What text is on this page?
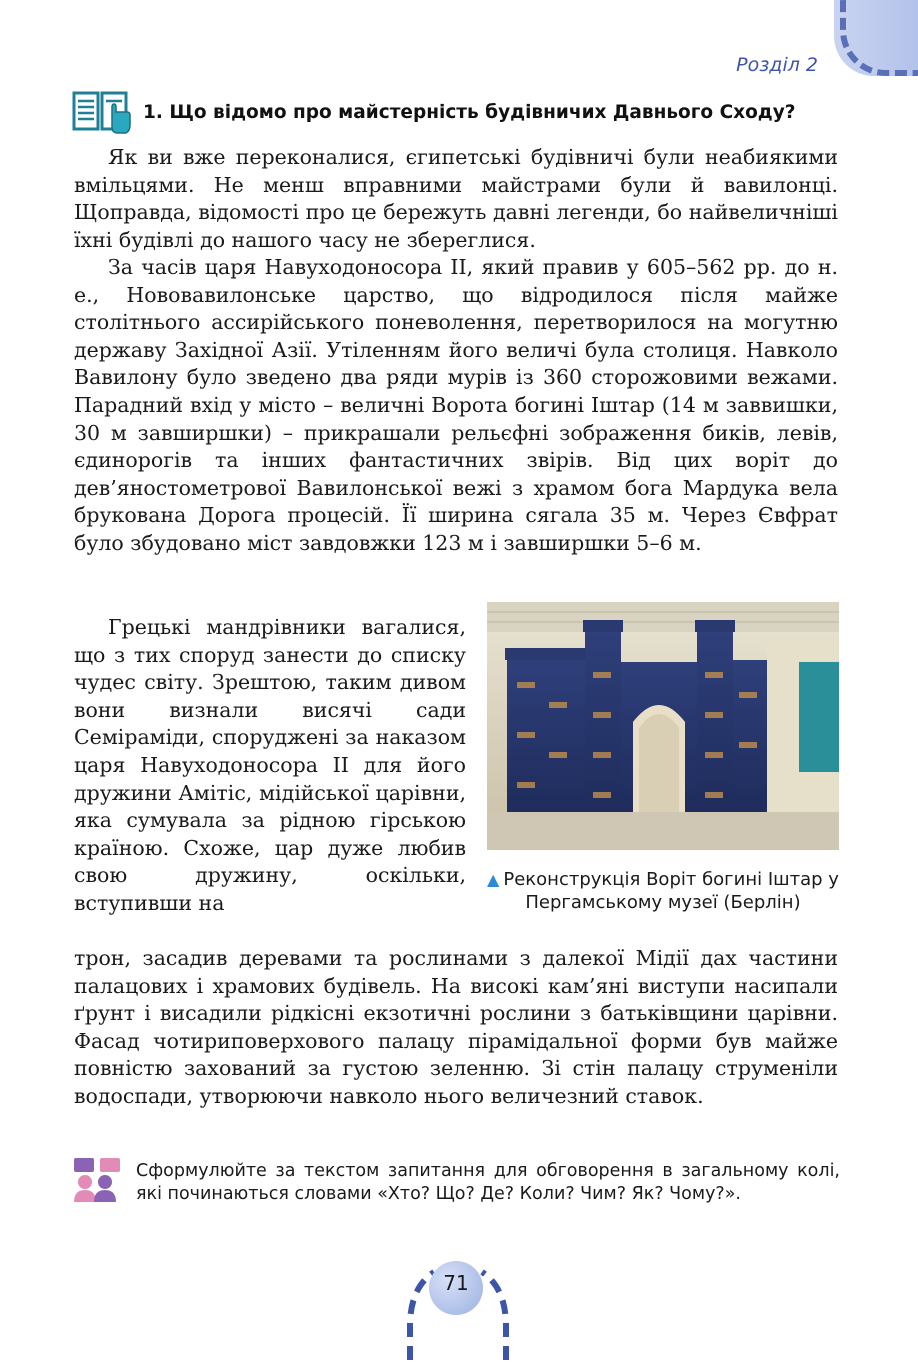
Розділ 2
1. Що відомо про майстерність будівничих Давнього Сходу?

Як ви вже переконалися, єгипетські будівничі були неабиякими вмільцями. Не менш вправними майстрами були й вавилонці. Щоправда, відомості про це бережуть давні легенди, бо найвеличніші їхні будівлі до нашого часу не збереглися.

За часів царя Навуходоносора ІІ, який правив у 605–562 рр. до н. е., Нововавилонське царство, що відродилося після майже столітнього ассирійського поневолення, перетворилося на могутню державу Західної Азії. Утіленням його величі була столиця. Навколо Вавилону було зведено два ряди мурів із 360 сторожовими вежами. Парадний вхід у місто – величні Ворота богині Іштар (14 м заввишки, 30 м завширшки) – прикрашали рельєфні зображення биків, левів, єдинорогів та інших фантастичних звірів. Від цих воріт до дев’яностометрової Вавилонської вежі з храмом бога Мардука вела брукована Дорога процесій. Її ширина сягала 35 м. Через Євфрат було збудовано міст завдовжки 123 м і завширшки 5–6 м.

Грецькі мандрівники вагалися, що з тих споруд занести до списку чудес світу. Зрештою, таким дивом вони визнали висячі сади Семіраміди, споруджені за наказом царя Навуходоносора ІІ для його дружини Амітіс, мідійської царівни, яка сумувала за рідною гірською країною. Схоже, цар дуже любив свою дружину, оскільки, вступивши на

трон, засадив деревами та рослинами з далекої Мідії дах частини палацових і храмових будівель. На високі кам’яні виступи насипали ґрунт і висадили рідкісні екзотичні рослини з батьківщини царівни. Фасад чотириповерхового палацу пірамідальної форми був майже повністю захований за густою зеленню. Зі стін палацу струменіли водоспади, утворюючи навколо нього величезний ставок.

▲ Реконструкція Воріт богині Іштар у Пергамському музеї (Берлін)
Сформулюйте за текстом запитання для обговорення в загальному колі, які починаються словами «Хто? Що? Де? Коли? Чим? Як? Чому?».
71
